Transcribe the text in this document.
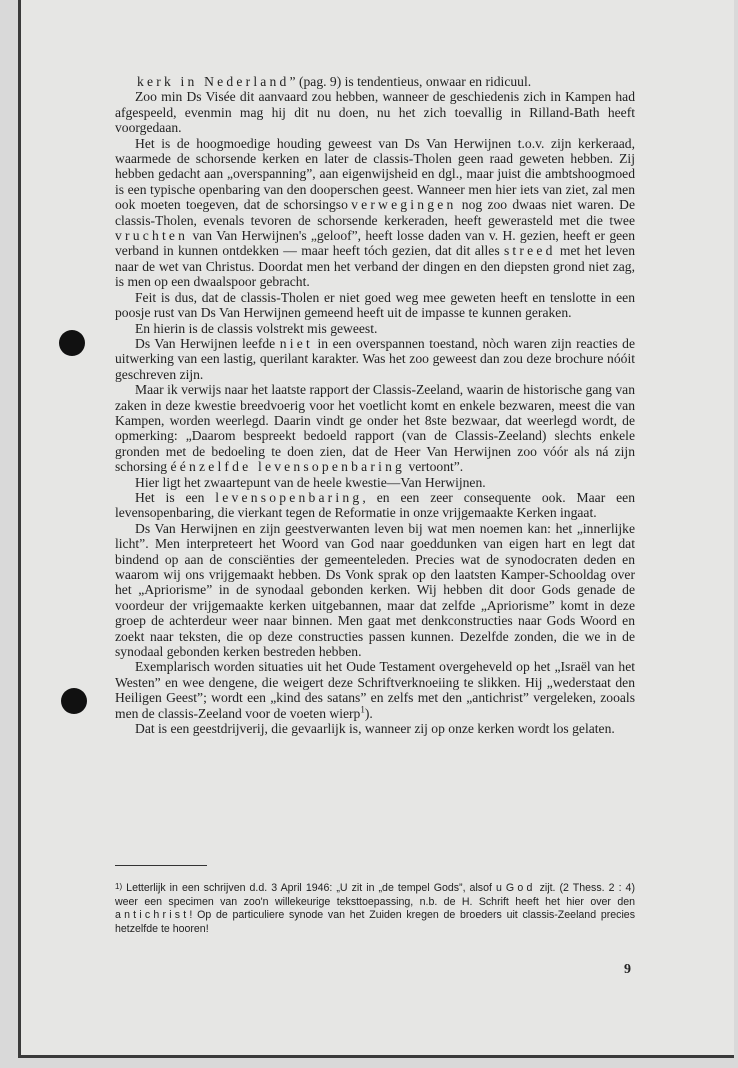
kerk in Nederland” (pag. 9) is tendentieus, onwaar en ridicuul.

Zoo min Ds Visée dit aanvaard zou hebben, wanneer de geschiedenis zich in Kampen had afgespeeld, evenmin mag hij dit nu doen, nu het zich toevallig in Rilland-Bath heeft voorgedaan.

Het is de hoogmoedige houding geweest van Ds Van Herwijnen t.o.v. zijn kerkeraad, waarmede de schorsende kerken en later de classis-Tholen geen raad geweten hebben. Zij hebben gedacht aan „overspanning”, aan eigenwijsheid en dgl., maar juist die ambtshoogmoed is een typische openbaring van den dooperschen geest. Wanneer men hier iets van ziet, zal men ook moeten toegeven, dat de schorsingsoverwegingen nog zoo dwaas niet waren. De classis-Tholen, evenals tevoren de schorsende kerkeraden, heeft gewerasteld met die twee vruchten van Van Herwijnen's „geloof”, heeft losse daden van v. H. gezien, heeft er geen verband in kunnen ontdekken — maar heeft tóch gezien, dat dit alles streed met het leven naar de wet van Christus. Doordat men het verband der dingen en den diepsten grond niet zag, is men op een dwaalspoor gebracht.

Feit is dus, dat de classis-Tholen er niet goed weg mee geweten heeft en tenslotte in een poosje rust van Ds Van Herwijnen gemeend heeft uit de impasse te kunnen geraken.

En hierin is de classis volstrekt mis geweest.

Ds Van Herwijnen leefde niet in een overspannen toestand, nòch waren zijn reacties de uitwerking van een lastig, querilant karakter. Was het zoo geweest dan zou deze brochure nóóit geschreven zijn.

Maar ik verwijs naar het laatste rapport der Classis-Zeeland, waarin de historische gang van zaken in deze kwestie breedvoerig voor het voetlicht komt en enkele bezwaren, meest die van Kampen, worden weerlegd. Daarin vindt ge onder het 8ste bezwaar, dat weerlegd wordt, de opmerking: „Daarom bespreekt bedoeld rapport (van de Classis-Zeeland) slechts enkele gronden met de bedoeling te doen zien, dat de Heer Van Herwijnen zoo vóór als ná zijn schorsing éénzelfde levensopenbaring vertoont”.

Hier ligt het zwaartepunt van de heele kwestie—Van Herwijnen.

Het is een levensopenbaring, en een zeer consequente ook. Maar een levensopenbaring, die vierkant tegen de Reformatie in onze vrijgemaakte Kerken ingaat.

Ds Van Herwijnen en zijn geestverwanten leven bij wat men noemen kan: het „innerlijke licht”. Men interpreteert het Woord van God naar goeddunken van eigen hart en legt dat bindend op aan de consciënties der gemeenteleden. Precies wat de synodocraten deden en waarom wij ons vrijgemaakt hebben. Ds Vonk sprak op den laatsten Kamper-Schooldag over het „Apriorisme” in de synodaal gebonden kerken. Wij hebben dit door Gods genade de voordeur der vrijgemaakte kerken uitgebannen, maar dat zelfde „Apriorisme” komt in deze groep de achterdeur weer naar binnen. Men gaat met denkconstructies naar Gods Woord en zoekt naar teksten, die op deze constructies passen kunnen. Dezelfde zonden, die we in de synodaal gebonden kerken bestreden hebben.

Exemplarisch worden situaties uit het Oude Testament overgeheveld op het „Israël van het Westen” en wee dengene, die weigert deze Schriftverknoeiing te slikken. Hij „wederstaat den Heiligen Geest”; wordt een „kind des satans” en zelfs met den „antichrist” vergeleken, zooals men de classis-Zeeland voor de voeten wierp$^1$).

Dat is een geestdrijverij, die gevaarlijk is, wanneer zij op onze kerken wordt los gelaten.

1) Letterlijk in een schrijven d.d. 3 April 1946: „U zit in „de tempel Gods”, alsof u God zijt. (2 Thess. 2 : 4) weer een specimen van zoo'n willekeurige teksttoepassing, n.b. de H. Schrift heeft het hier over den antichrist! Op de particuliere synode van het Zuiden kregen de broeders uit classis-Zeeland precies hetzelfde te hooren!
9
